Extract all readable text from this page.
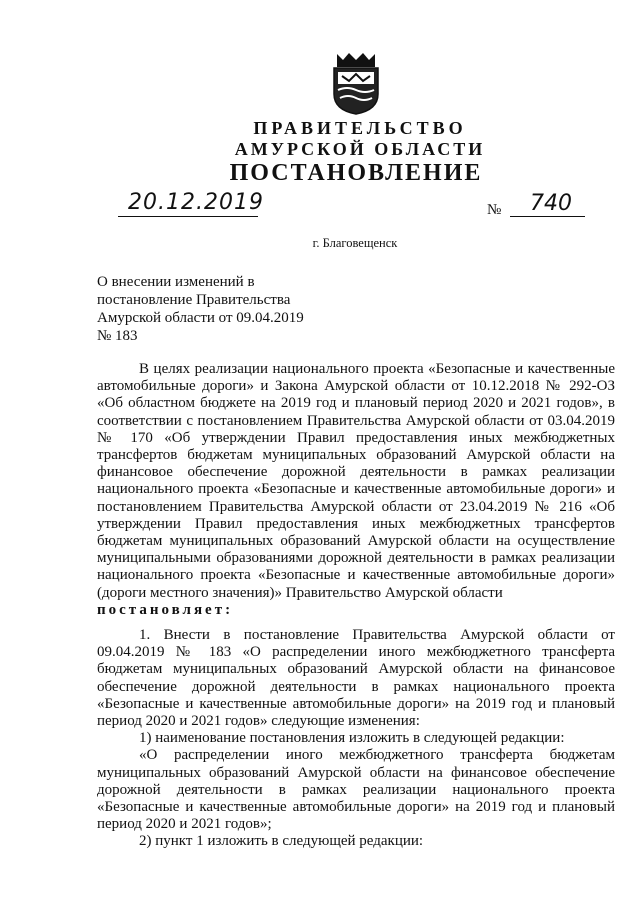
ПРАВИТЕЛЬСТВО
АМУРСКОЙ ОБЛАСТИ
ПОСТАНОВЛЕНИЕ
20.12.2019	№ 740
г. Благовещенск
О внесении изменений в
постановление Правительства
Амурской области от 09.04.2019
№ 183

В целях реализации национального проекта «Безопасные и качественные автомобильные дороги» и Закона Амурской области от 10.12.2018 № 292-ОЗ «Об областном бюджете на 2019 год и плановый период 2020 и 2021 годов», в соответствии с постановлением Правительства Амурской области от 03.04.2019 № 170 «Об утверждении Правил предоставления иных межбюджетных трансфертов бюджетам муниципальных образований Амурской области на финансовое обеспечение дорожной деятельности в рамках реализации национального проекта «Безопасные и качественные автомобильные дороги» и постановлением Правительства Амурской области от 23.04.2019 № 216 «Об утверждении Правил предоставления иных межбюджетных трансфертов бюджетам муниципальных образований Амурской области на осуществление муниципальными образованиями дорожной деятельности в рамках реализации национального проекта «Безопасные и качественные автомобильные дороги» (дороги местного значения)» Правительство Амурской области

постановляет:

1. Внести в постановление Правительства Амурской области от 09.04.2019 № 183 «О распределении иного межбюджетного трансферта бюджетам муниципальных образований Амурской области на финансовое обеспечение дорожной деятельности в рамках национального проекта «Безопасные и качественные автомобильные дороги» на 2019 год и плановый период 2020 и 2021 годов» следующие изменения:

1) наименование постановления изложить в следующей редакции:

«О распределении иного межбюджетного трансферта бюджетам муниципальных образований Амурской области на финансовое обеспечение дорожной деятельности в рамках реализации национального проекта «Безопасные и качественные автомобильные дороги» на 2019 год и плановый период 2020 и 2021 годов»;

2) пункт 1 изложить в следующей редакции:
